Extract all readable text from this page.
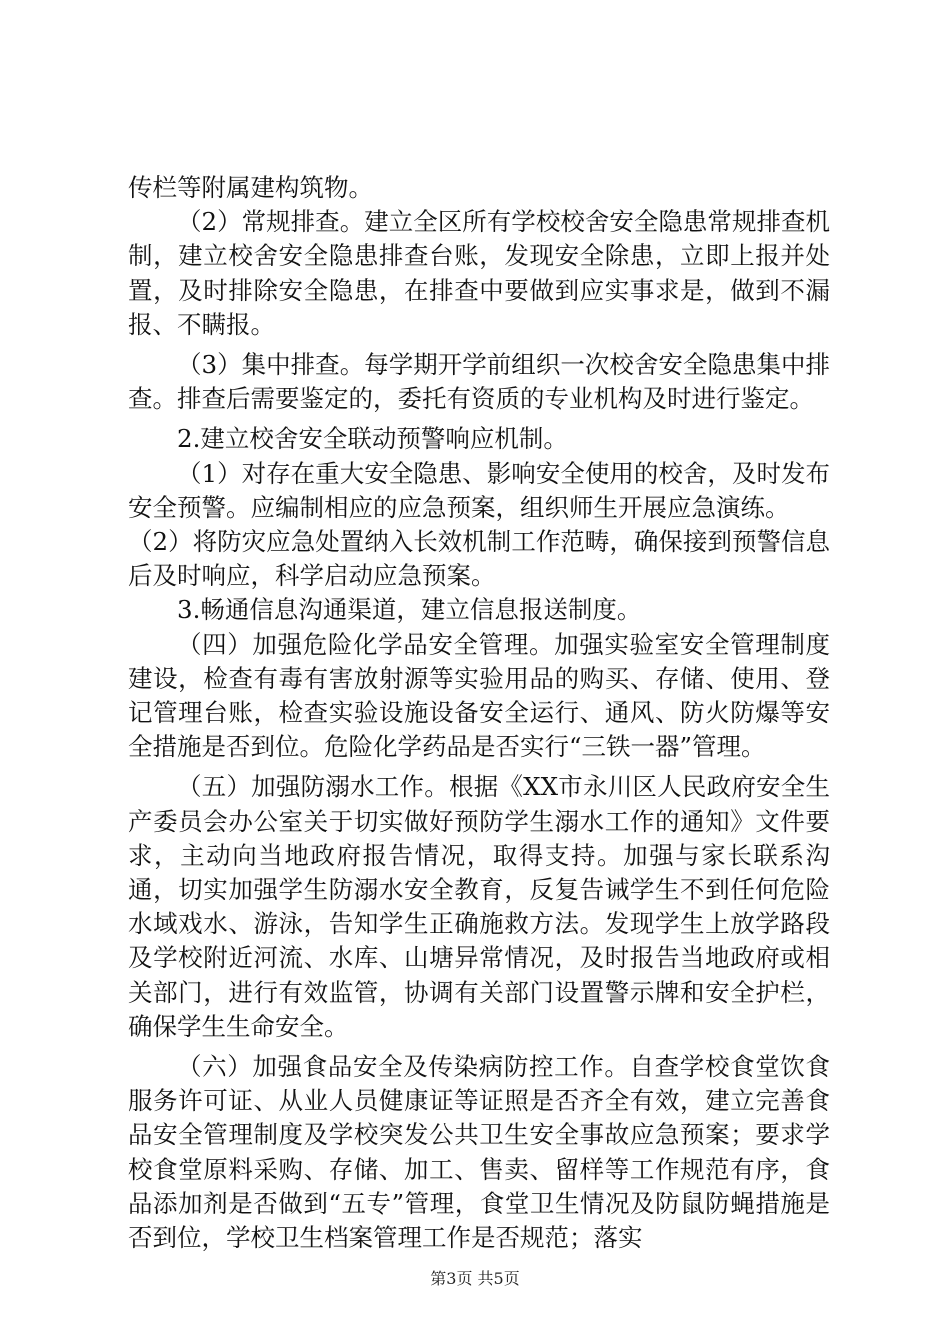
传栏等附属建构筑物。

（2）常规排查。建立全区所有学校校舍安全隐患常规排查机制，建立校舍安全隐患排查台账，发现安全除患，立即上报并处置，及时排除安全隐患，在排查中要做到应实事求是，做到不漏报、不瞒报。

（3）集中排查。每学期开学前组织一次校舍安全隐患集中排查。排查后需要鉴定的，委托有资质的专业机构及时进行鉴定。

2.建立校舍安全联动预警响应机制。

（1）对存在重大安全隐患、影响安全使用的校舍，及时发布安全预警。应编制相应的应急预案，组织师生开展应急演练。

（2）将防灾应急处置纳入长效机制工作范畴，确保接到预警信息后及时响应，科学启动应急预案。

3.畅通信息沟通渠道，建立信息报送制度。

（四）加强危险化学品安全管理。加强实验室安全管理制度建设，检查有毒有害放射源等实验用品的购买、存储、使用、登记管理台账，检查实验设施设备安全运行、通风、防火防爆等安全措施是否到位。危险化学药品是否实行“三铁一器”管理。

（五）加强防溺水工作。根据《XX市永川区人民政府安全生产委员会办公室关于切实做好预防学生溺水工作的通知》文件要求，主动向当地政府报告情况，取得支持。加强与家长联系沟通，切实加强学生防溺水安全教育，反复告诫学生不到任何危险水域戏水、游泳，告知学生正确施救方法。发现学生上放学路段及学校附近河流、水库、山塘异常情况，及时报告当地政府或相关部门，进行有效监管，协调有关部门设置警示牌和安全护栏，确保学生生命安全。

（六）加强食品安全及传染病防控工作。自查学校食堂饮食服务许可证、从业人员健康证等证照是否齐全有效，建立完善食品安全管理制度及学校突发公共卫生安全事故应急预案；要求学校食堂原料采购、存储、加工、售卖、留样等工作规范有序，食品添加剂是否做到“五专”管理，食堂卫生情况及防鼠防蝇措施是否到位，学校卫生档案管理工作是否规范；落实

第3页 共5页
